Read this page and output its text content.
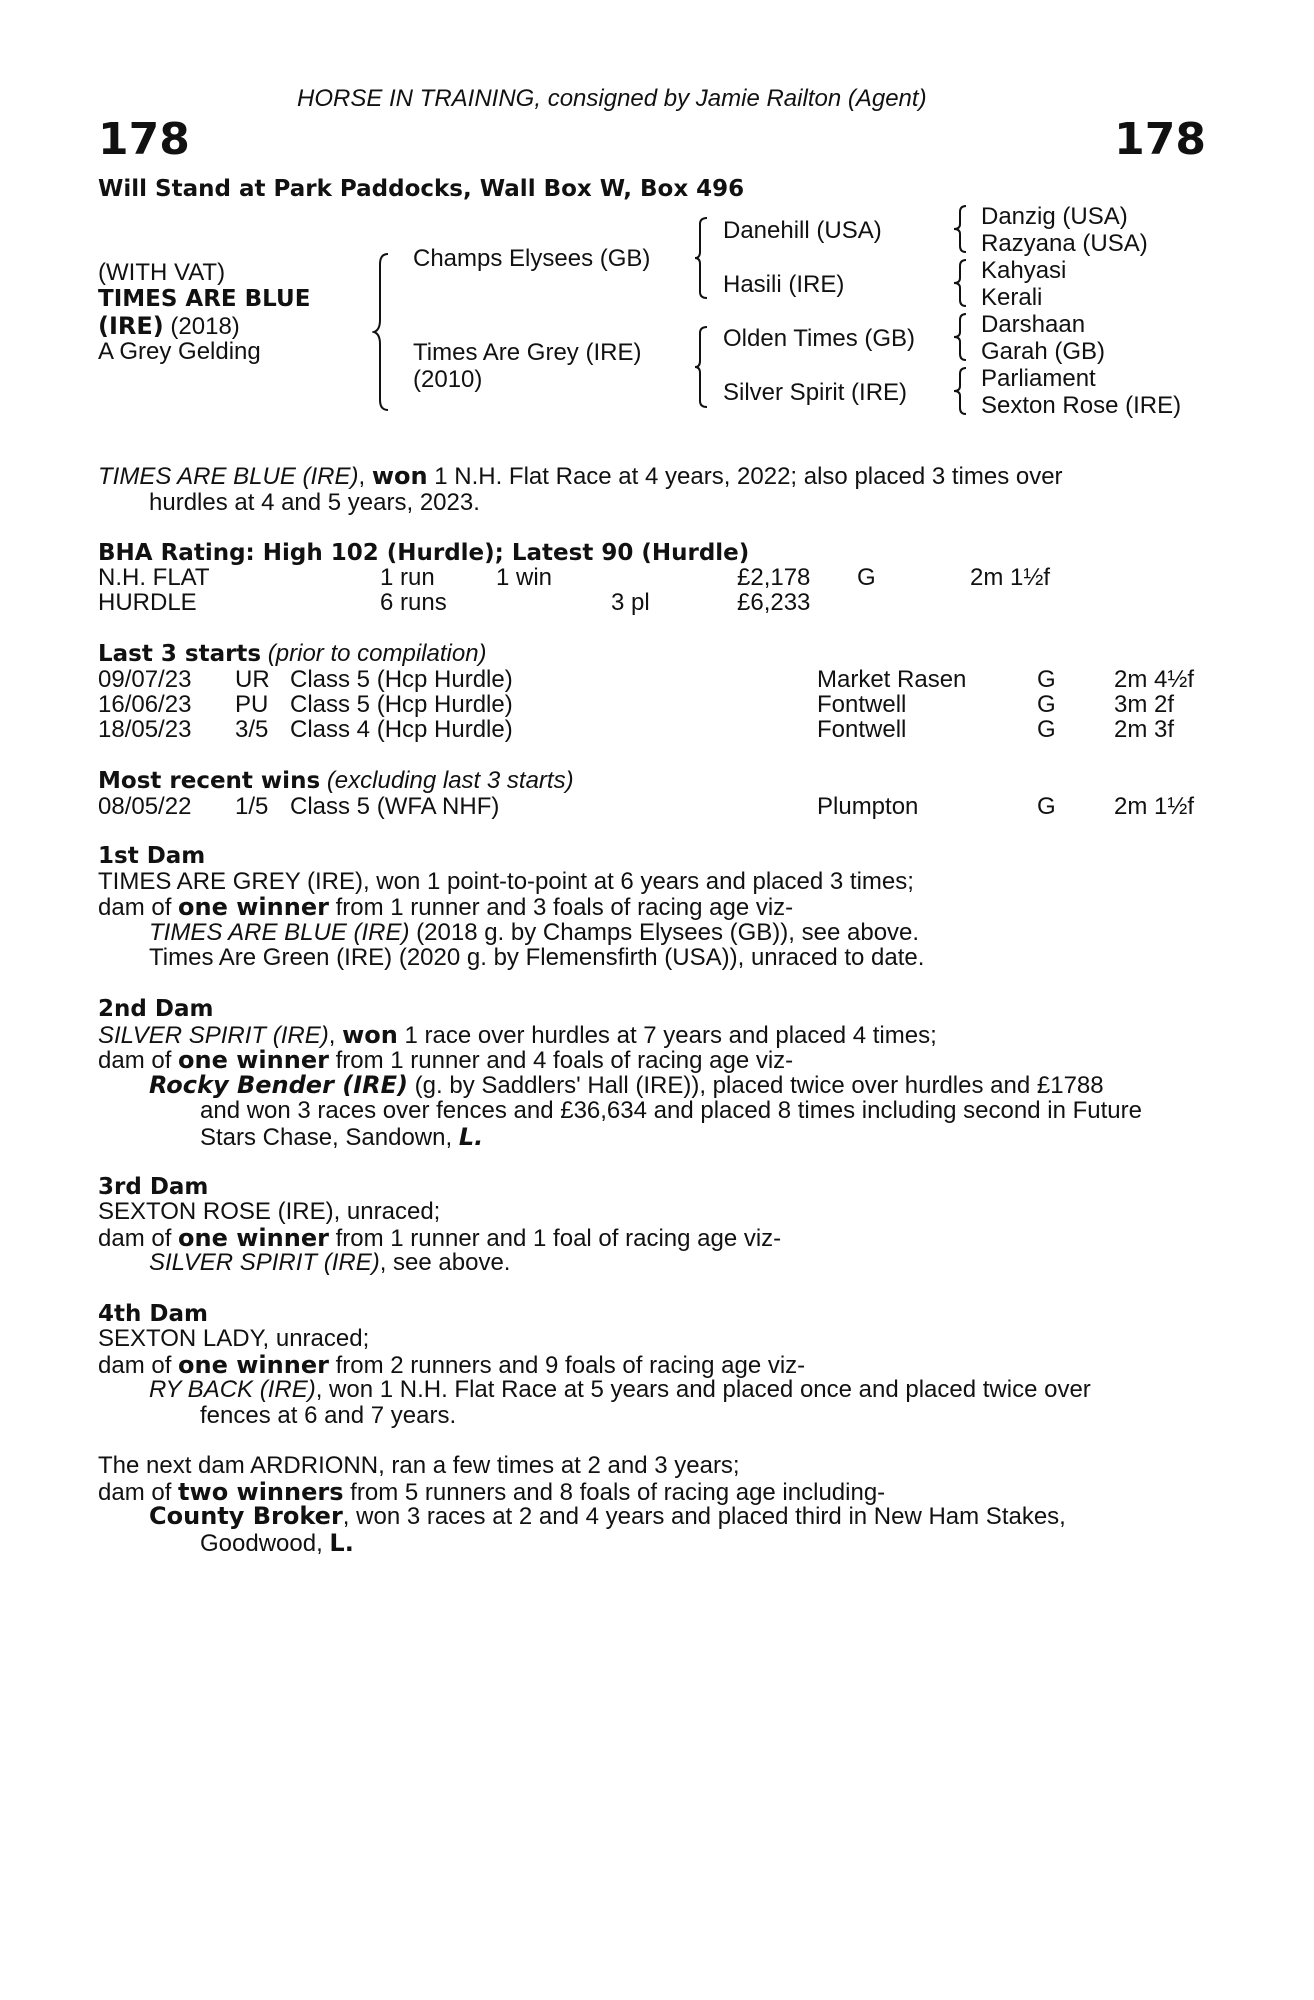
HORSE IN TRAINING, consigned by Jamie Railton (Agent)
178	178
Will Stand at Park Paddocks, Wall Box W, Box 496
(WITH VAT)
TIMES ARE BLUE
(IRE) (2018)
A Grey Gelding
Champs Elysees (GB)
Times Are Grey (IRE)
(2010)
Danehill (USA)
Hasili (IRE)
Olden Times (GB)
Silver Spirit (IRE)
Danzig (USA)
Razyana (USA)
Kahyasi
Kerali
Darshaan
Garah (GB)
Parliament
Sexton Rose (IRE)
TIMES ARE BLUE (IRE), won 1 N.H. Flat Race at 4 years, 2022; also placed 3 times over
hurdles at 4 and 5 years, 2023.
BHA Rating: High 102 (Hurdle); Latest 90 (Hurdle)
N.H. FLAT	1 run	1 win	£2,178 G	2m 1½f
HURDLE	6 runs	3 pl	£6,233
Last 3 starts (prior to compilation)
09/07/23 UR Class 5 (Hcp Hurdle)	Market Rasen	G 2m 4½f
16/06/23 PU Class 5 (Hcp Hurdle)	Fontwell	G 3m 2f
18/05/23 3/5 Class 4 (Hcp Hurdle)	Fontwell	G 2m 3f
Most recent wins (excluding last 3 starts)
08/05/22 1/5 Class 5 (WFA NHF)	Plumpton	G 2m 1½f
1st Dam
TIMES ARE GREY (IRE), won 1 point-to-point at 6 years and placed 3 times;
dam of one winner from 1 runner and 3 foals of racing age viz-
TIMES ARE BLUE (IRE) (2018 g. by Champs Elysees (GB)), see above.
Times Are Green (IRE) (2020 g. by Flemensfirth (USA)), unraced to date.
2nd Dam
SILVER SPIRIT (IRE), won 1 race over hurdles at 7 years and placed 4 times;
dam of one winner from 1 runner and 4 foals of racing age viz-
Rocky Bender (IRE) (g. by Saddlers' Hall (IRE)), placed twice over hurdles and £1788
and won 3 races over fences and £36,634 and placed 8 times including second in Future
Stars Chase, Sandown, L.
3rd Dam
SEXTON ROSE (IRE), unraced;
dam of one winner from 1 runner and 1 foal of racing age viz-
SILVER SPIRIT (IRE), see above.
4th Dam
SEXTON LADY, unraced;
dam of one winner from 2 runners and 9 foals of racing age viz-
RY BACK (IRE), won 1 N.H. Flat Race at 5 years and placed once and placed twice over
fences at 6 and 7 years.
The next dam ARDRIONN, ran a few times at 2 and 3 years;
dam of two winners from 5 runners and 8 foals of racing age including-
County Broker, won 3 races at 2 and 4 years and placed third in New Ham Stakes,
Goodwood, L.
